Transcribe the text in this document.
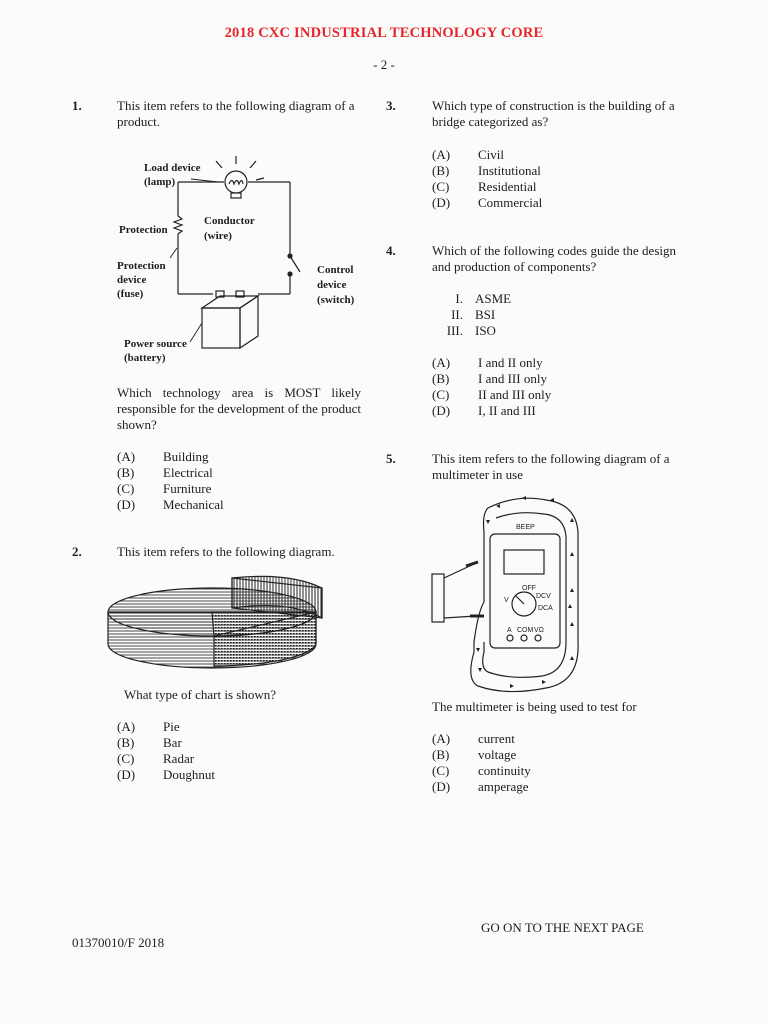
2018 CXC INDUSTRIAL TECHNOLOGY CORE
- 2 -
1.	This item refers to the following diagram of a product.
Load device
(lamp)
Conductor
(wire)
Protection
Protection
device
(fuse)
Control
device
(switch)
Power source
(battery)
Which technology area is MOST likely responsible for the development of the product shown?
(A) Building
(B) Electrical
(C) Furniture
(D) Mechanical
2.	This item refers to the following diagram.
What type of chart is shown?
(A) Pie
(B) Bar
(C) Radar
(D) Doughnut
3.	Which type of construction is the building of a bridge categorized as?
(A) Civil
(B) Institutional
(C) Residential
(D) Commercial
4.	Which of the following codes guide the design and production of components?
I. ASME
II. BSI
III. ISO
(A) I and II only
(B) I and III only
(C) II and III only
(D) I, II and III
5.	This item refers to the following diagram of a multimeter in use
BEEP
OFF
V
DCV
DCA
A COM VΩ
The multimeter is being used to test for
(A) current
(B) voltage
(C) continuity
(D) amperage
GO ON TO THE NEXT PAGE
01370010/F 2018
